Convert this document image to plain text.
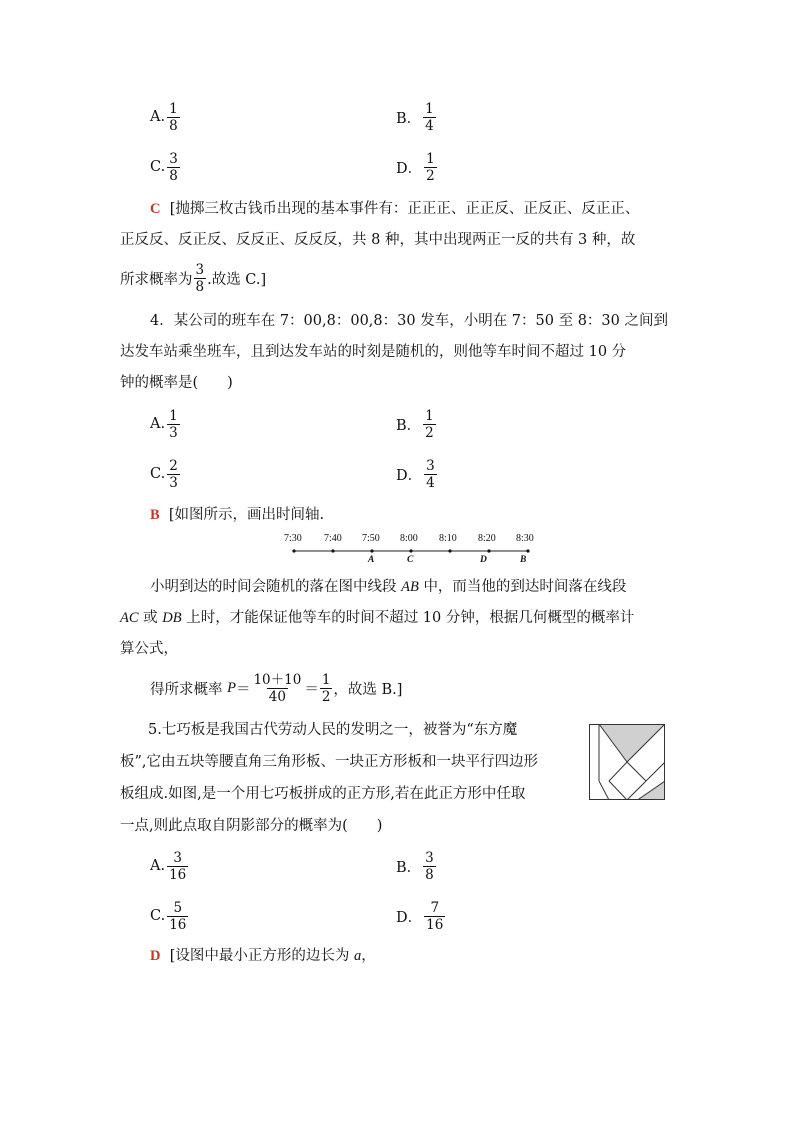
A. $\frac{1}{8}$	B． $\frac{1}{4}$
C. $\frac{3}{8}$	D． $\frac{1}{2}$
C [抛掷三枚古钱币出现的基本事件有：正正正、正正反、正反正、反正正、
正反反、反正反、反反正、反反反，共 8 种，其中出现两正一反的共有 3 种，故
所求概率为 $\frac{3}{8}$ .故选 C.]
4．某公司的班车在 7：00,8：00,8：30 发车，小明在 7：50 至 8：30 之间到
达发车站乘坐班车，且到达发车站的时刻是随机的，则他等车时间不超过 10 分
钟的概率是(　　)
A. $\frac{1}{3}$	B． $\frac{1}{2}$
C. $\frac{2}{3}$	D． $\frac{3}{4}$
B [如图所示，画出时间轴.
7:30 7:40 7:50 8:00 8:10 8:20 8:30
A	C	D	B
小明到达的时间会随机的落在图中线段 AB 中，而当他的到达时间落在线段
AC 或 DB 上时，才能保证他等车的时间不超过 10 分钟，根据几何概型的概率计
算公式，
得所求概率
$P = \frac{10+10}{40} = \frac{1}{2}$ ，故选 B.]
5.七巧板是我国古代劳动人民的发明之一，被誉为“东方魔
板”,它由五块等腰直角三角形板、一块正方形板和一块平行四边形
板组成.如图,是一个用七巧板拼成的正方形,若在此正方形中任取
一点,则此点取自阴影部分的概率为(　　)
A. $\frac{3}{16}$	B． $\frac{3}{8}$
C. $\frac{5}{16}$	D． $\frac{7}{16}$
D [设图中最小正方形的边长为 a，
